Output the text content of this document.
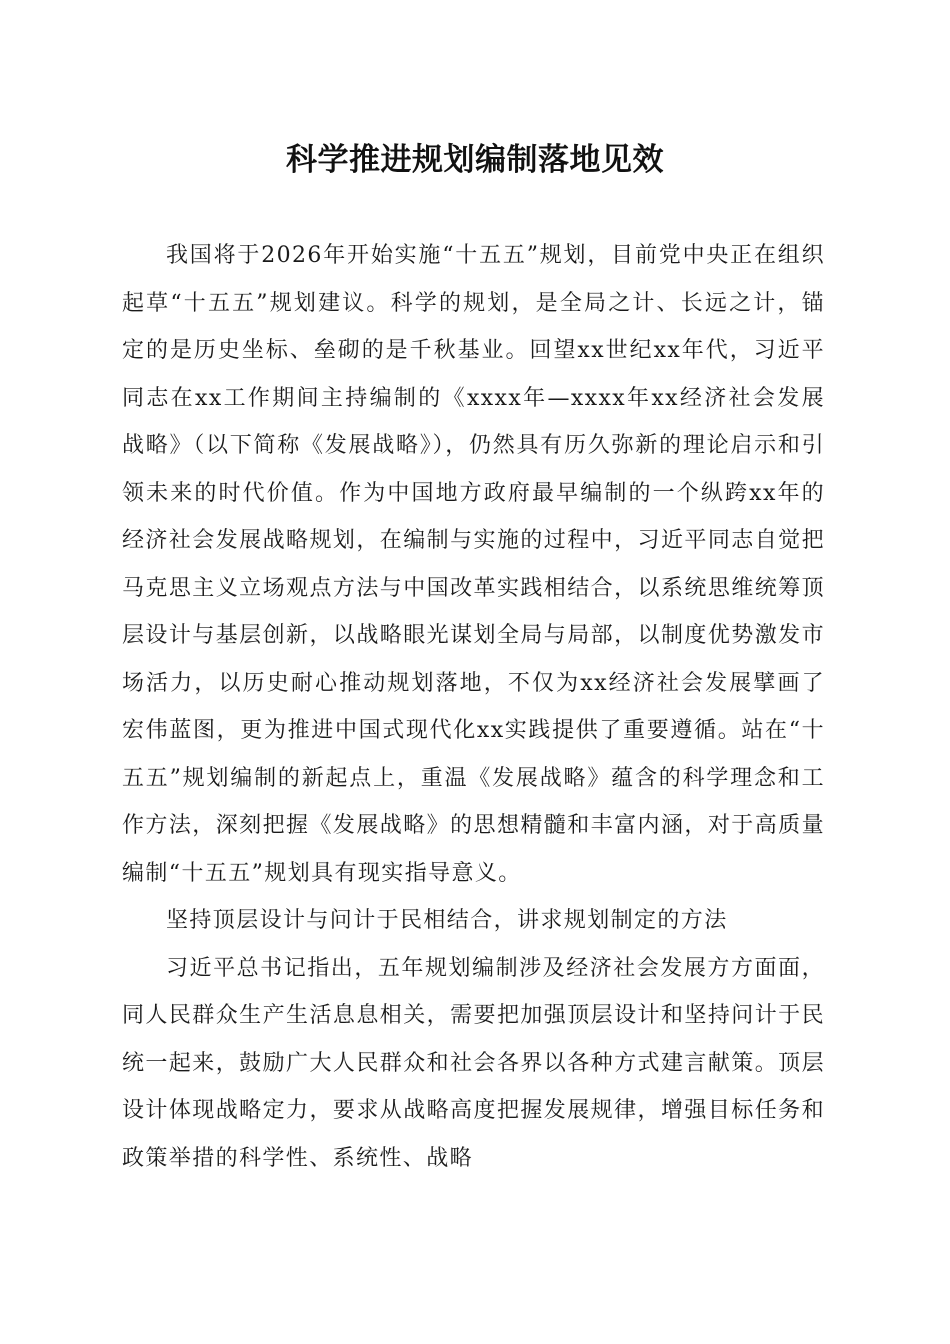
科学推进规划编制落地见效

我国将于2026年开始实施“十五五”规划，目前党中央正在组织起草“十五五”规划建议。科学的规划，是全局之计、长远之计，锚定的是历史坐标、垒砌的是千秋基业。回望xx世纪xx年代，习近平同志在xx工作期间主持编制的《xxxx年—xxxx年xx经济社会发展战略》（以下简称《发展战略》），仍然具有历久弥新的理论启示和引领未来的时代价值。作为中国地方政府最早编制的一个纵跨xx年的经济社会发展战略规划，在编制与实施的过程中，习近平同志自觉把马克思主义立场观点方法与中国改革实践相结合，以系统思维统筹顶层设计与基层创新，以战略眼光谋划全局与局部，以制度优势激发市场活力，以历史耐心推动规划落地，不仅为xx经济社会发展擘画了宏伟蓝图，更为推进中国式现代化xx实践提供了重要遵循。站在“十五五”规划编制的新起点上，重温《发展战略》蕴含的科学理念和工作方法，深刻把握《发展战略》的思想精髓和丰富内涵，对于高质量编制“十五五”规划具有现实指导意义。

坚持顶层设计与问计于民相结合，讲求规划制定的方法

习近平总书记指出，五年规划编制涉及经济社会发展方方面面，同人民群众生产生活息息相关，需要把加强顶层设计和坚持问计于民统一起来，鼓励广大人民群众和社会各界以各种方式建言献策。顶层设计体现战略定力，要求从战略高度把握发展规律，增强目标任务和政策举措的科学性、系统性、战略
